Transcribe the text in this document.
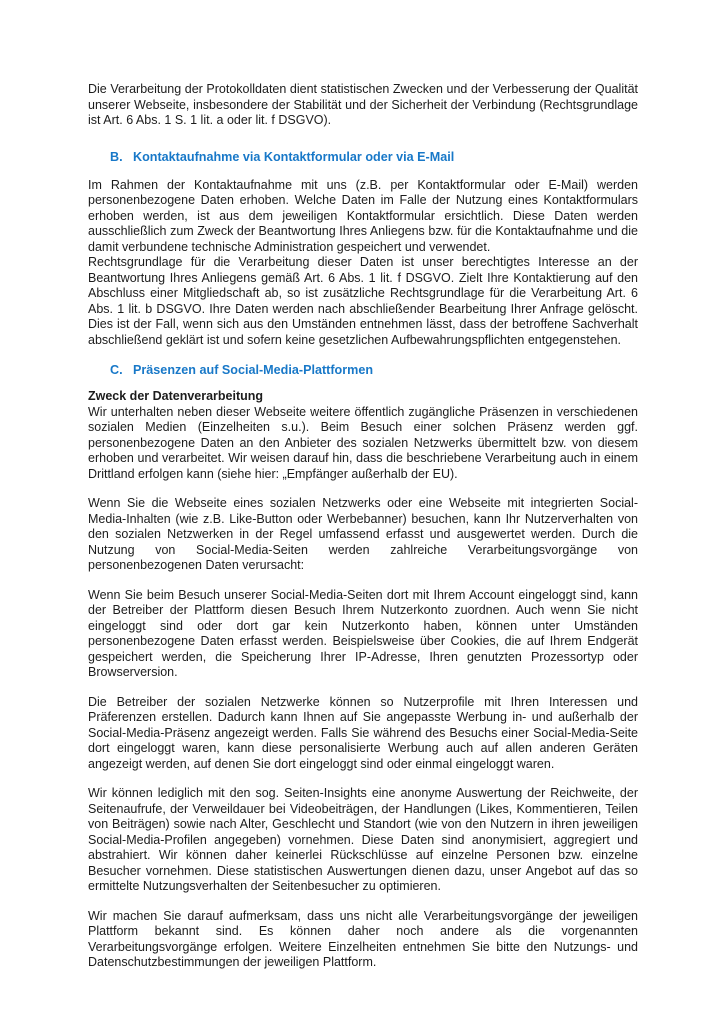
Die Verarbeitung der Protokolldaten dient statistischen Zwecken und der Verbesserung der Qualität unserer Webseite, insbesondere der Stabilität und der Sicherheit der Verbindung (Rechtsgrundlage ist Art. 6 Abs. 1 S. 1 lit. a oder lit. f DSGVO).

B. Kontaktaufnahme via Kontaktformular oder via E-Mail

Im Rahmen der Kontaktaufnahme mit uns (z.B. per Kontaktformular oder E-Mail) werden personenbezogene Daten erhoben. Welche Daten im Falle der Nutzung eines Kontaktformulars erhoben werden, ist aus dem jeweiligen Kontaktformular ersichtlich. Diese Daten werden ausschließlich zum Zweck der Beantwortung Ihres Anliegens bzw. für die Kontaktaufnahme und die damit verbundene technische Administration gespeichert und verwendet.

Rechtsgrundlage für die Verarbeitung dieser Daten ist unser berechtigtes Interesse an der Beantwortung Ihres Anliegens gemäß Art. 6 Abs. 1 lit. f DSGVO. Zielt Ihre Kontaktierung auf den Abschluss einer Mitgliedschaft ab, so ist zusätzliche Rechtsgrundlage für die Verarbeitung Art. 6 Abs. 1 lit. b DSGVO. Ihre Daten werden nach abschließender Bearbeitung Ihrer Anfrage gelöscht. Dies ist der Fall, wenn sich aus den Umständen entnehmen lässt, dass der betroffene Sachverhalt abschließend geklärt ist und sofern keine gesetzlichen Aufbewahrungspflichten entgegenstehen.

C. Präsenzen auf Social-Media-Plattformen
Zweck der Datenverarbeitung

Wir unterhalten neben dieser Webseite weitere öffentlich zugängliche Präsenzen in verschiedenen sozialen Medien (Einzelheiten s.u.). Beim Besuch einer solchen Präsenz werden ggf. personenbezogene Daten an den Anbieter des sozialen Netzwerks übermittelt bzw. von diesem erhoben und verarbeitet. Wir weisen darauf hin, dass die beschriebene Verarbeitung auch in einem Drittland erfolgen kann (siehe hier: „Empfänger außerhalb der EU).

Wenn Sie die Webseite eines sozialen Netzwerks oder eine Webseite mit integrierten Social-Media-Inhalten (wie z.B. Like-Button oder Werbebanner) besuchen, kann Ihr Nutzerverhalten von den sozialen Netzwerken in der Regel umfassend erfasst und ausgewertet werden. Durch die Nutzung von Social-Media-Seiten werden zahlreiche Verarbeitungsvorgänge von personenbezogenen Daten verursacht:

Wenn Sie beim Besuch unserer Social-Media-Seiten dort mit Ihrem Account eingeloggt sind, kann der Betreiber der Plattform diesen Besuch Ihrem Nutzerkonto zuordnen. Auch wenn Sie nicht eingeloggt sind oder dort gar kein Nutzerkonto haben, können unter Umständen personenbezogene Daten erfasst werden. Beispielsweise über Cookies, die auf Ihrem Endgerät gespeichert werden, die Speicherung Ihrer IP-Adresse, Ihren genutzten Prozessortyp oder Browserversion.

Die Betreiber der sozialen Netzwerke können so Nutzerprofile mit Ihren Interessen und Präferenzen erstellen. Dadurch kann Ihnen auf Sie angepasste Werbung in- und außerhalb der Social-Media-Präsenz angezeigt werden. Falls Sie während des Besuchs einer Social-Media-Seite dort eingeloggt waren, kann diese personalisierte Werbung auch auf allen anderen Geräten angezeigt werden, auf denen Sie dort eingeloggt sind oder einmal eingeloggt waren.

Wir können lediglich mit den sog. Seiten-Insights eine anonyme Auswertung der Reichweite, der Seitenaufrufe, der Verweildauer bei Videobeiträgen, der Handlungen (Likes, Kommentieren, Teilen von Beiträgen) sowie nach Alter, Geschlecht und Standort (wie von den Nutzern in ihren jeweiligen Social-Media-Profilen angegeben) vornehmen. Diese Daten sind anonymisiert, aggregiert und abstrahiert. Wir können daher keinerlei Rückschlüsse auf einzelne Personen bzw. einzelne Besucher vornehmen. Diese statistischen Auswertungen dienen dazu, unser Angebot auf das so ermittelte Nutzungsverhalten der Seitenbesucher zu optimieren.

Wir machen Sie darauf aufmerksam, dass uns nicht alle Verarbeitungsvorgänge der jeweiligen Plattform bekannt sind. Es können daher noch andere als die vorgenannten Verarbeitungsvorgänge erfolgen. Weitere Einzelheiten entnehmen Sie bitte den Nutzungs- und Datenschutzbestimmungen der jeweiligen Plattform.
